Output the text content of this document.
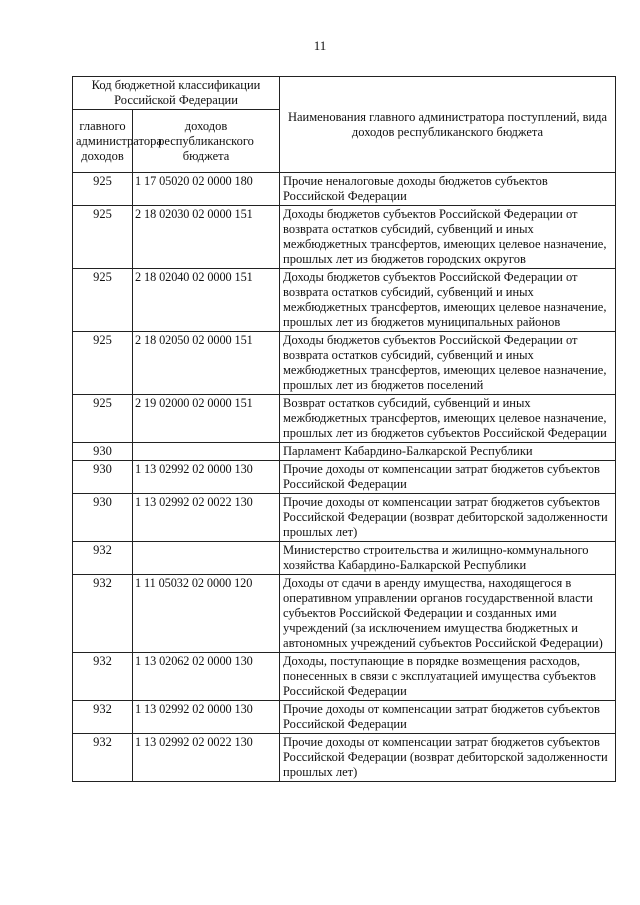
11
Код бюджетной классификации Российской Федерации		Наименования главного администратора поступлений, вида доходов республиканского бюджета
главного администратора доходов	доходов республиканского бюджета	
925	1 17 05020 02 0000 180	Прочие неналоговые доходы бюджетов субъектов Российской Федерации
925	2 18 02030 02 0000 151	Доходы бюджетов субъектов Российской Федерации от возврата остатков субсидий, субвенций и иных межбюджетных трансфертов, имеющих целевое назначение, прошлых лет из бюджетов городских округов
925	2 18 02040 02 0000 151	Доходы бюджетов субъектов Российской Федерации от возврата остатков субсидий, субвенций и иных межбюджетных трансфертов, имеющих целевое назначение, прошлых лет из бюджетов муниципальных районов
925	2 18 02050 02 0000 151	Доходы бюджетов субъектов Российской Федерации от возврата остатков субсидий, субвенций и иных межбюджетных трансфертов, имеющих целевое назначение, прошлых лет из бюджетов поселений
925	2 19 02000 02 0000 151	Возврат остатков субсидий, субвенций и иных межбюджетных трансфертов, имеющих целевое назначение, прошлых лет из бюджетов субъектов Российской Федерации
930		Парламент Кабардино-Балкарской Республики
930	1 13 02992 02 0000 130	Прочие доходы от компенсации затрат бюджетов субъектов Российской Федерации
930	1 13 02992 02 0022 130	Прочие доходы от компенсации затрат бюджетов субъектов Российской Федерации (возврат дебиторской задолженности прошлых лет)
932		Министерство строительства и жилищно-коммунального хозяйства Кабардино-Балкарской Республики
932	1 11 05032 02 0000 120	Доходы от сдачи в аренду имущества, находящегося в оперативном управлении органов государственной власти субъектов Российской Федерации и созданных ими учреждений (за исключением имущества бюджетных и автономных учреждений субъектов Российской Федерации)
932	1 13 02062 02 0000 130	Доходы, поступающие в порядке возмещения расходов, понесенных в связи с эксплуатацией имущества субъектов Российской Федерации
932	1 13 02992 02 0000 130	Прочие доходы от компенсации затрат бюджетов субъектов Российской Федерации
932	1 13 02992 02 0022 130	Прочие доходы от компенсации затрат бюджетов субъектов Российской Федерации (возврат дебиторской задолженности прошлых лет)
